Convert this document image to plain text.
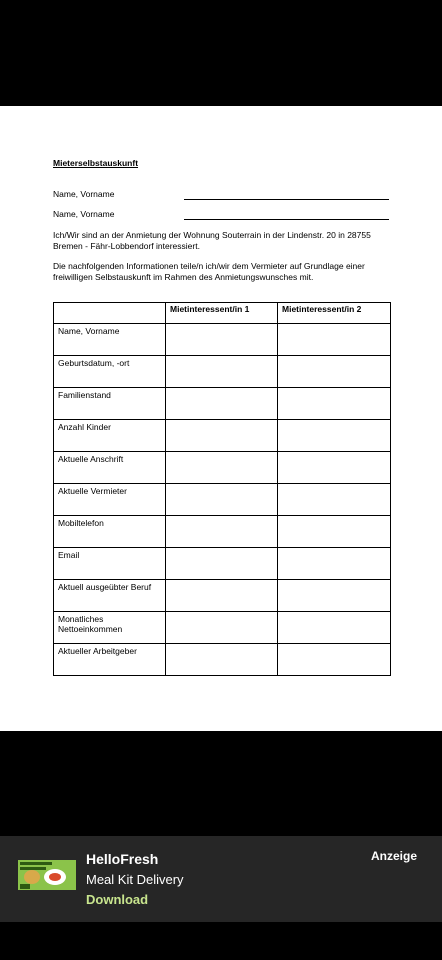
Mieterselbstauskunft
Name, Vorname
Name, Vorname

Ich/Wir sind an der Anmietung der Wohnung Souterrain in der Lindenstr. 20 in 28755 Bremen - Fähr-Lobbendorf interessiert.

Die nachfolgenden Informationen teile/n ich/wir dem Vermieter auf Grundlage einer freiwilligen Selbstauskunft im Rahmen des Anmietungswunsches mit.

	Mietinteressent/in 1	Mietinteressent/in 2
Name, Vorname		
Geburtsdatum, -ort		
Familienstand		
Anzahl Kinder		
Aktuelle Anschrift		
Aktuelle Vermieter		
Mobiltelefon		
Email		
Aktuell ausgeübter Beruf		
Monatliches Nettoeinkommen		
Aktueller Arbeitgeber		
HelloFresh
Meal Kit Delivery
Download
Anzeige
